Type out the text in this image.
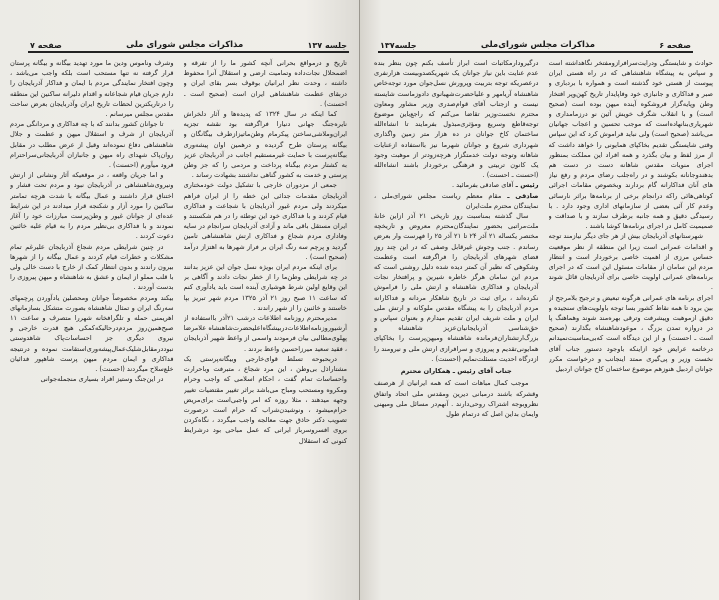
جلسه ۱۳۷
مذاکرات مجلس شورای ملی
صفحه ۷

تاریخ و درمواقع بحرانی آنچه کشور ما را از تفرقه و اضمحلال نجات‌داده وتمامیت ارضی و استقلال آنرا محفوظ داشته ، وحدت نظر ایرانیان بوقوف بسر بقای ایران و دربقای عظمت شاهنشاهی ایران است (صحیح است ـ احسنت) .

کما اینکه در سال ۱۳۲۴ که پدیده‌ها و آثار دلخراش نایره‌جنگ جهانی دنیارا فراگرفته بود نقشه تجزیه ایران‌وملاشی‌ساختن پیکرمام وطن‌ماتیزازطرف بیگانگان و بیگانه پرستان طرح گردیده و درهمین اوان پیشه‌وری بیگانه‌پرست با حمایت غیرمستقیم اجانب در آذربایجان عزیز به کشتار مردم بیگناه پرداخت و مردمی را که جز وطن پرستی و خدمت به کشور گناهی نداشتند بشهادت رساند .

جمعی از مزدوران خارجی با تشکیل دولت خودمختاری آذربایجان مقدمات جدائی این خطه را از ایران فراهم میکردند ولی مردم غیور آذربایجان با شجاعت و فداکاری قیام کردند و با فداکاری خود این توطئه را در هم شکستند و ایران مستقل باقی ماند و آزادی آذربایجان سرانجام در سایه وفاداری مردم شجاع و فداکاری ارتش شاهنشاهی تامین گردید و پرچم سه رنگ ایران بر فراز شهرها به اهتزاز درآمد (صحیح است) .

برای اینکه مردم ایران بویژه نسل جوان این عزیز بدانند در چه شرایطی وطن‌ما را از خطر نجات دادند و آگاهی بر این وقایع اولین شرط هوشیاری آینده است باید یادآوری کنم که ساعت ۱۱ صبح روز ۲۱ آذر ۱۳۲۵ مردم شهر تبریز بپا خاستند و خائنین را از شهر راندند .

مدیرمحترم روزنامه اطلاعات درشب ۲۱آذر بااستفاده از آرشیوروزنامه‌اطلاعات‌دربیشگاه‌اعلیحضرت‌شاهنشاه علامرضا پهلوی‌مطالبی بیان فرمودند واسمی از واعظ شهیر آذربایجان ، فقید سعید میرزاحسین واعظ بردند .

دربحبوحه تسلط قوای‌خارجی وبیگانه‌پرستی یک مشتاراذل بی‌وطن ، این مرد شجاع ، متبرفت وباحرارت واحساسات تمام گفت ، احکام اسلامی که واجب وحرام ومکروه ومستحب ومباح می‌باشد براثر تغییر مقتضیات تغییر وجهه میدهند ، مثلا روزه که امر واجبی‌است برای‌مریض حرام‌میشود ، ونوشیدن‌شراب که حرام است درصورت تصویب دکتر حاذق جهت معالجه واجب میگردد ، نگاه‌کردن بروی افسروسرباز ایرانی که عمل مباحی بود درشرایط کنونی که استقلال

وشرف وناموس ودین ما مورد تهدید بیگانه و بیگانه پرستان قرار گرفته نه تنها مستحب است بلکه واجب می‌باشد ، وچون افتخار نمایندگی مردم با ایمان و فداکار آذربایجان را دارم جریان قیام شجاعانه و اقدام دلیرانه ساکنین این منطقه را درتاریکترین لحظات تاریخ ایران وآذربایجان بعرض ساحت مقدس مجلس میرسانم .

تا جوانان کشور بدانند که با چه فداکاری و مردانگی مردم آذربایجان از شرف و استقلال میهن و عظمت و جلال شاهنشاهی دفاع نموده‌اند وقبل از عرض مطلب در مقابل روان‌پاک شهدای راه میهن و جانبازان آذربایجانی‌سراحترام فرود میآورم (احسنت) .

و اما جریان واقعه ، در موقعیکه آثار ونشانی از ارتش ونیروی‌شاهنشاهی در آذربایجان نبود و مردم تحت فشار و اختناق قرار داشتند و عمال بیگانه با شدت هرچه تمامتر ساکنین را مورد آزار و شکنجه قرار میدادند در این شرایط عده‌ای از جوانان غیور و وطن‌پرست مبارزات خود را آغاز نمودند و با فداکاری بی‌نظیر مردم را به قیام علیه خائنین دعوت کردند .

در چنین شرایطی مردم شجاع آذربایجان علیرغم تمام مشکلات و خطرات قیام کردند و عمال بیگانه را از شهرها بیرون راندند و بدون انتظار کمک از خارج با دست خالی ولی با قلب مملو از ایمان و عشق به شاهنشاه و میهن پیروزی را بدست آوردند .

بیکند ومردم مخصوصاً جوانان ومحصلین یادآوردن پرچمهای سه‌رنگ ایران و تمثال شاهنشاه بصورت متشکل بسازمانهای اهریمنی حمله و تلگرافخانه شهررا متصرف و ساعت ۱۱ صبح‌همین‌روز مردم‌درحالیکه‌کمکی هیچ قدرت خارجی و نیروی دیگری جز احساسات‌پاک شاهدوستی نبود‌در‌مقابل‌شلیک‌عمال‌پیشه‌وری‌استقامت نموده و درنتیجه فداکاری و ایمان مردم میهن پرست شاهپور فدائیان خلع‌سلاح میگردند (احسنت) .

در این‌جنگ وستیز افراد بسیاری منجمله‌جوانی

صفحه ۶
مذاکرات مجلس شورای‌ملی
جلسه۱۳۷

حوادث و شایستگی ودرایت‌سرافرازومفتخر نگاهداشته است و سپاس به پیشگاه شاهنشاهی که در راه هستی ایران پیوست از هستی خود گذشته است و همواره با بردباری و صبر و فداکاری و جانبازی خود وفاپاید‌ار تاریخ کهن‌وپر افتخار وطن وپایه‌گزار فروشکوه آینده میهن بوده است (صحیح است) و با انقلاب شگرف خویش آئین نو درزمامداری و شهریاری‌بنانهاده‌است که موجب تحسین و اعجاب جهانیان می‌باشد (صحیح است) ولی نباید فراموش کرد که این سپاس وقتی شایستگی تقدیم بخاکپای همایونی را خواهد داشت که از مرز لفظ و بیان بگذرد و همه افراد این مملکت بمنظور اجرای منویات مقدس شاهانه دست در دست هم بدهند‌وجانانه بکوشند و در راه‌جلب رضای مردم و رفع نیاز های آنان فداکارانه گام بردارند وبخصوص مقامات اجرائی کوتاهی‌هائی راکه درانجام برخی از برنامه‌ها براثر نارسائی وعدم کار آئی بعضی از سازمانهای اداری وجود دارد . با رسیدگی دقیق و همه جانبه برطرف سازند و با صداقت و صمیمیت کامل در اجرای برنامه‌ها کوشا باشند .

شهرستانهای آذربایجان بیش از هر جای دیگر نیازمند توجه و اقدامات عمرانی است زیرا این منطقه از نظر موقعیت حساس مرزی از اهمیت خاصی برخوردار است و انتظار مردم این سامان از مقامات مسئول این است که در اجرای برنامه‌های عمرانی اولویت خاصی برای آذربایجان قائل شوند .

اجرای برنامه های عمرانی هرگونه تبعیض و ترجیح بلامرجح از بین برود تا همه نقاط کشور بسا توجه باولویت‌های سنجیده و دقیق ازموهبت وپیشرفت وترقی بهره‌مند شوند وهماهنگ پا در دروازه تمدن بزرگ ، موعودشاهنشاه بگذارند (صحیح است ـ احسنت) و از این دیدگاه است که‌بی‌مناسبت‌نمیدانم درخاتمه عرایض خود ازاینکه باوجود دستور جناب آقای نخست وزیر و پی‌گیری ممتد اینجانب و درخواست مکرر جوانان اردبیل هنوزهم موضوع ساختمان کاخ جوانان اردبیل

درگیرودارمکاتبات است ابراز تأسف بکنم چون بنظر بنده عدم عنایت باین نیاز جوانان یک شهریکصدوبیست هزارنفری درعصریکه توجه بتربیت وپرورش نسل‌جوان مورد توجه‌خاص شاهنشاه آریامهر و علیاحضرت‌شهبانوی دادوزماست شایسته نیست و ازجناب آقای قوام‌صدری وزیر مشاور ومعاون محترم نخست‌وزیر تقاضا می‌کنم که راجع‌باین موضوع توجه‌قاطع وسریع ومؤثری‌مبذول بفرمایند تا انشاءالله ساختمان کاخ جوانان در ده هزار متر زمین واگذاری شهرداری شروع و جوانان شهرما نیز بااستفاده ازعنایات شاهانه وتوجه دولت خدمتگزار هرچه‌زودتر از موهبت وجود یک کانون تربیتی و فرهنگی برخوردار باشند انشاءالله (احسنت ـ احسنت) .

رئیس ـ آقای صادقی بفرمائید .

صادقی ـ مقام معظم ریاست مجلس شورای‌ملی ، نمایندگان محترم ملت‌ایران

سال گذشته بمناسبت روز تاریخی ۲۱ آذر ازاین خانهٔ ملت‌مراتبی بحضور نمایندگان‌محترم معروض و تاریخچه مختصر یکساله ۲۱ آذر ۲۴ تا ۲۱ آذر ۲۵ را فهرست وار بعرض رساندم . جنب وجوش غیرقابل وصفی که در این چند روز فضای شهرهای آذربایجان را فراگرفته است وعظمت وشکوهی که نظیر آن کمتر دیده شده دلیل روشنی است که مردم این سامان هرگز خاطره شیرین و پرافتخار نجات آذربایجان و فداکاری شاهنشاه و ارتش ملی را فراموش نکرده‌اند ، برای ثبت در تاریخ شاهکار مردانه و فداکارانه مردم آذربایجان را به پیشگاه مقدس ملوکانه و ارتش ملی ایران و ملت شریف ایران تقدیم میدارم و بعنوان سپاس و حق‌شناسی آذربایجانیان‌عزیز شاهنشاه و بزرگ‌ارتشتاران‌فرمانده شاهنشاه ومیهن‌پرست را بخاکپای همایونی‌تقدیم و پیروزی و سرافرازی ارتش ملی و نیرومند را ازدرگاه احدیت مسئلت‌نمایم (احسنت) .

جناب آقای رئیس ـ همکاران محترم

موجب کمال مباهات است که همه ایرانیان از هرصنف وقشرکه باشند درمبانی دیرین ومقدس ملی اتحاد واتفاق نظروبوجه اشتراک روحی‌دارند . آنهم‌در مسائل ملی ومیهنی وایمان بداین اصل که درتمام طول
